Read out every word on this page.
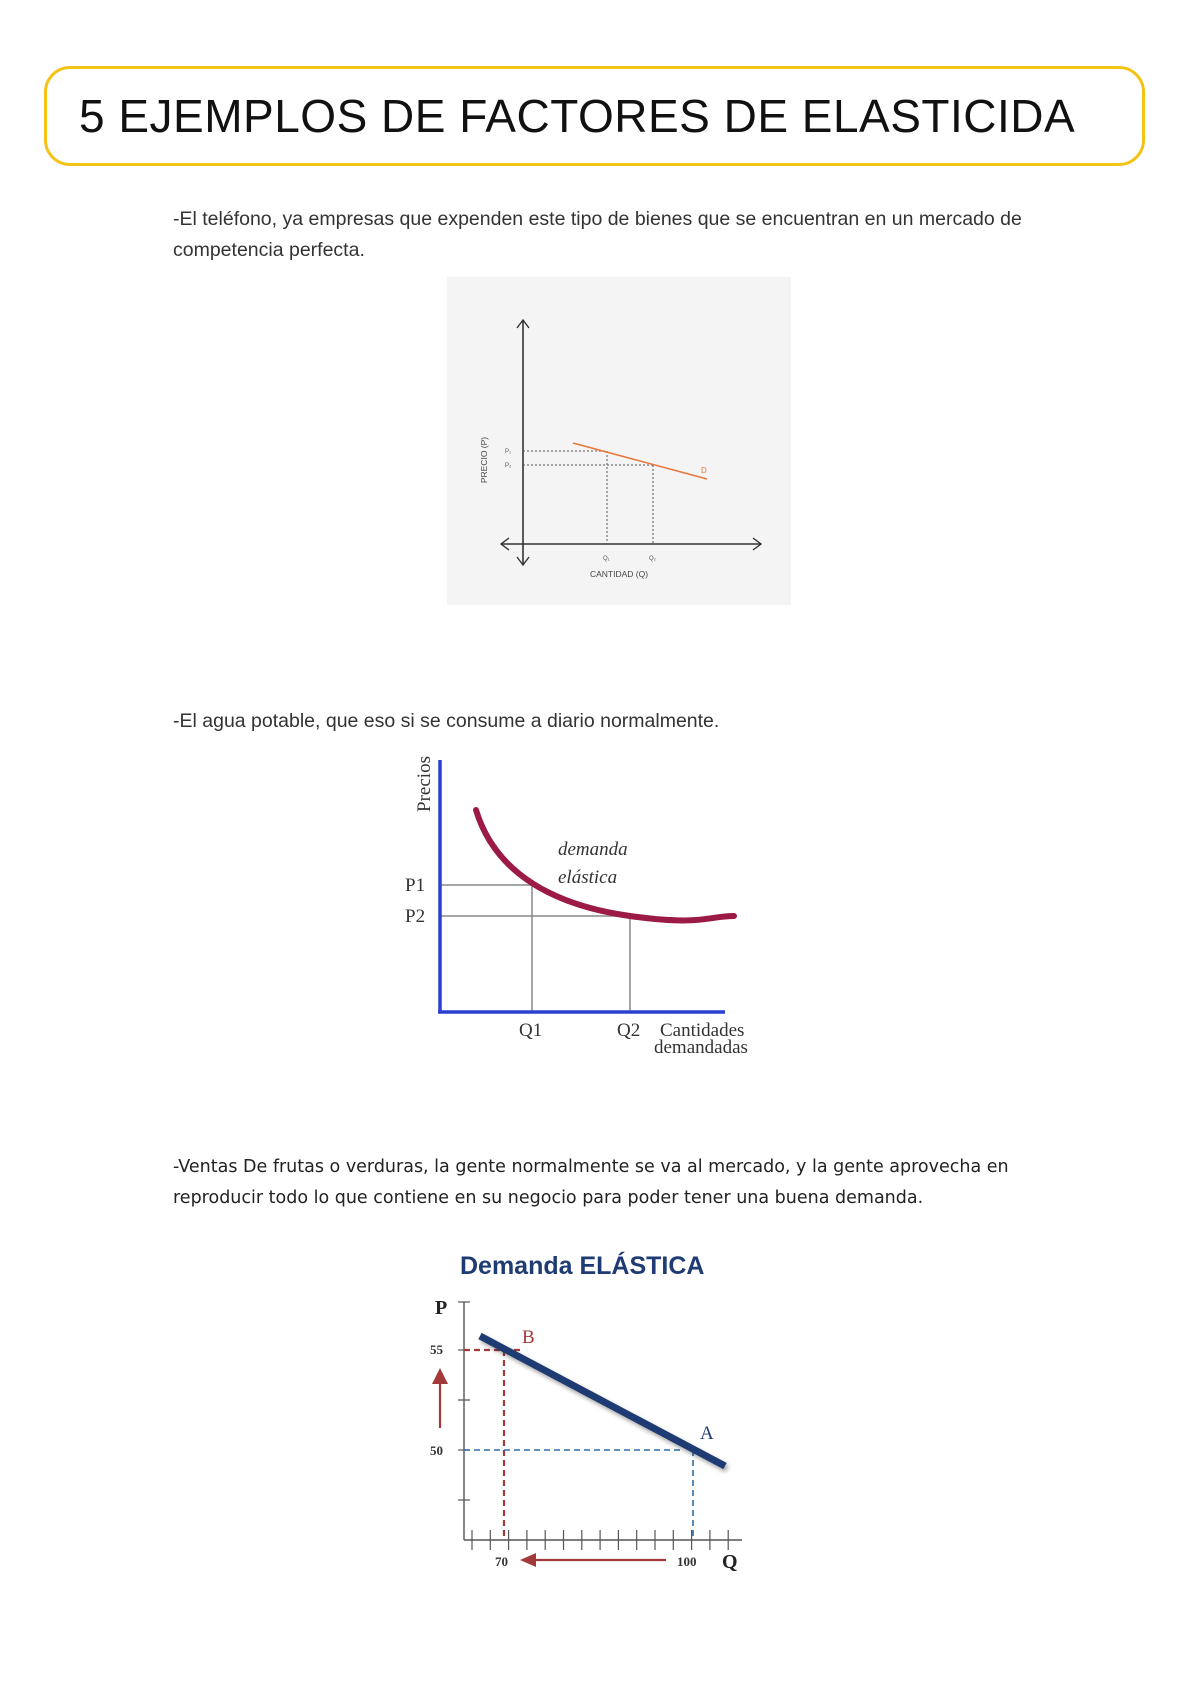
5 EJEMPLOS DE FACTORES DE ELASTICIDA
-El teléfono, ya empresas que expenden este tipo de bienes que se encuentran en un mercado de competencia perfecta.
D
PRECIO (P)	P₁
P₂
Q₁	Q₂
CANTIDAD (Q)
-El agua potable, que eso si se consume a diario normalmente.
Precios
demanda
elástica
P1
P2
Q1	Q2 Cantidades
demandadas
-Ventas De frutas o verduras, la gente normalmente se va al mercado, y la gente aprovecha en reproducir todo lo que contiene en su negocio para poder tener una buena demanda.
Demanda ELÁSTICA
P
55
50
70	100 Q
B
A
